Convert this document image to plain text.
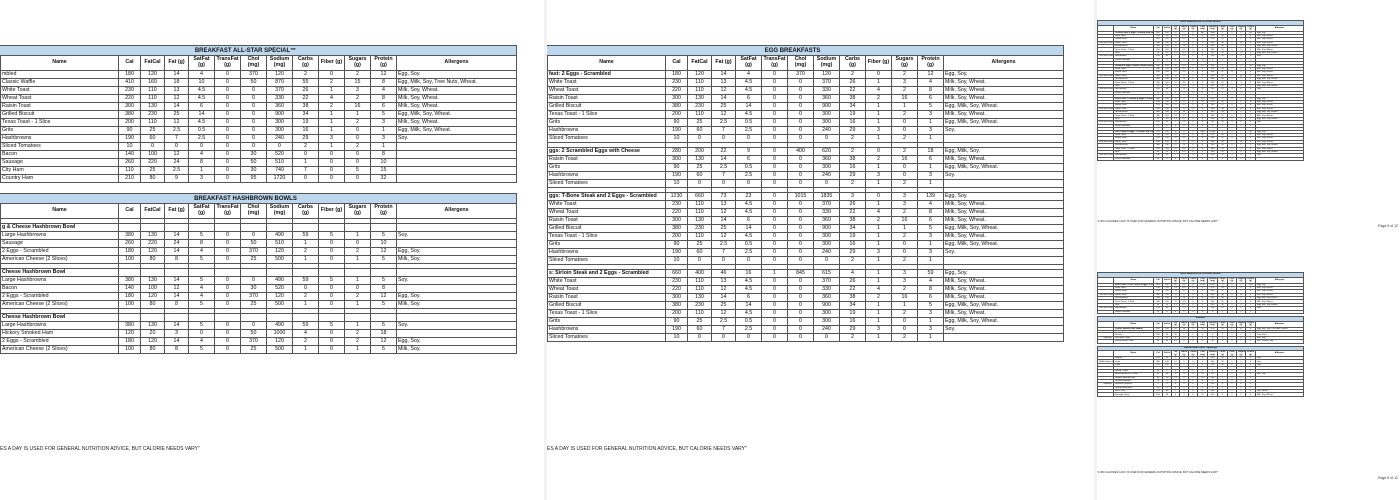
BREAKFAST ALL-STAR SPECIAL™													
	Name	Cal	FatCal	Fat (g)	SatFat (g)	TransFat (g)	Chol (mg)	Sodium (mg)	Carbs (g)	Fiber (g)	Sugars (g)	Protein (g)	Allergens
	mbled	180	120	14	4	0	370	120	2	0	2	12	Egg, Soy.
	Classic Waffle	410	160	18	10	0	50	870	55	2	15	8	Egg, Milk, Soy, Tree Nuts, Wheat.
	White Toast	230	110	13	4.5	0	0	370	26	1	3	4	Milk, Soy, Wheat.
	Wheat Toast	220	110	12	4.5	0	0	330	22	4	2	8	Milk, Soy, Wheat.
	Raisin Toast	300	130	14	6	0	0	360	38	2	16	6	Milk, Soy, Wheat.
	Grilled Biscuit	380	230	25	14	0	0	900	34	1	1	5	Egg, Milk, Soy, Wheat.
	Texas Toast - 1 Slice	200	110	12	4.5	0	0	300	19	1	2	3	Milk, Soy, Wheat.
	Grits	90	25	2.5	0.5	0	0	300	16	1	0	1	Egg, Milk, Soy, Wheat.
	Hashbrowns	190	60	7	2.5	0	0	240	29	3	0	3	Soy.
	Sliced Tomatoes	10	0	0	0	0	0	0	2	1	2	1	
	Bacon	140	100	12	4	0	30	520	0	0	0	8	
	Sausage	260	220	24	8	0	50	510	1	0	0	10	
	City Ham	110	25	2.5	1	0	30	740	7	0	5	15	
	Country Ham	210	80	9	3	0	95	1720	0	0	0	32	
BREAKFAST HASHBROWN BOWLS													
	Name	Cal	FatCal	Fat (g)	SatFat (g)	TransFat (g)	Chol (mg)	Sodium (mg)	Carbs (g)	Fiber (g)	Sugars (g)	Protein (g)	Allergens

	g & Cheese Hashbrown Bowl												
	Large Hashbrowns	380	130	14	5	0	0	490	59	5	1	5	Soy.
	Sausage	260	220	24	8	0	50	510	1	0	0	10	
	2 Eggs - Scrambled	180	120	14	4	0	370	120	2	0	2	12	Egg, Soy.
	American Cheese (2 Slices)	100	80	8	5	0	25	500	1	0	1	5	Milk, Soy.

	Cheese Hashbrown Bowl												
	Large Hashbrowns	380	130	14	5	0	0	490	59	5	1	5	Soy.
	Bacon	140	100	12	4	0	30	520	0	0	0	8	
	2 Eggs - Scrambled	180	120	14	4	0	370	120	2	0	2	12	Egg, Soy.
	American Cheese (2 Slices)	100	80	8	5	0	25	500	1	0	1	5	Milk, Soy.

	Cheese Hashbrown Bowl												
	Large Hashbrowns	380	130	14	5	0	0	490	59	5	1	5	Soy.
	Hickory Smoked Ham	120	20	3	0	0	50	1000	4	0	2	18	
	2 Eggs - Scrambled	180	120	14	4	0	370	120	2	0	2	12	Egg, Soy.
	American Cheese (2 Slices)	100	80	8	5	0	25	500	1	0	1	5	Milk, Soy.
ES A DAY IS USED FOR GENERAL NUTRITION ADVICE, BUT CALORIE NEEDS VARY"
EGG BREAKFASTS													
	Name	Cal	FatCal	Fat (g)	SatFat (g)	TransFat (g)	Chol (mg)	Sodium (mg)	Carbs (g)	Fiber (g)	Sugars (g)	Protein (g)	Allergens
	fast: 2 Eggs - Scrambled	180	120	14	4	0	370	120	2	0	2	12	Egg, Soy.
	White Toast	230	110	13	4.5	0	0	370	26	1	3	4	Milk, Soy, Wheat.
	Wheat Toast	220	110	12	4.5	0	0	330	22	4	2	8	Milk, Soy, Wheat.
	Raisin Toast	300	130	14	6	0	0	360	38	2	16	6	Milk, Soy, Wheat.
	Grilled Biscuit	380	230	25	14	0	0	900	34	1	1	5	Egg, Milk, Soy, Wheat.
	Texas Toast - 1 Slice	200	110	12	4.5	0	0	300	19	1	2	3	Milk, Soy, Wheat.
	Grits	90	25	2.5	0.5	0	0	300	16	1	0	1	Egg, Milk, Soy, Wheat.
	Hashbrowns	190	60	7	2.5	0	0	240	29	3	0	3	Soy.
	Sliced Tomatoes	10	0	0	0	0	0	0	2	1	2	1	

	ggs: 2 Scrambled Eggs with Cheese	280	200	22	9	0	400	620	2	0	2	18	Egg, Milk, Soy.
	Raisin Toast	300	130	14	6	0	0	360	38	2	16	6	Milk, Soy, Wheat.
	Grits	90	25	2.5	0.5	0	0	300	16	1	0	1	Egg, Milk, Soy, Wheat.
	Hashbrowns	190	60	7	2.5	0	0	240	29	3	0	3	Soy.
	Sliced Tomatoes	10	0	0	0	0	0	0	2	1	2	1	

	ggs: T-Bone Steak and 2 Eggs - Scrambled	1230	660	73	23	0	1015	1835	3	0	3	139	Egg, Soy.
	White Toast	230	110	13	4.5	0	0	370	26	1	3	4	Milk, Soy, Wheat.
	Wheat Toast	220	110	12	4.5	0	0	330	22	4	2	8	Milk, Soy, Wheat.
	Raisin Toast	300	130	14	6	0	0	360	38	2	16	6	Milk, Soy, Wheat.
	Grilled Biscuit	380	230	25	14	0	0	900	34	1	1	5	Egg, Milk, Soy, Wheat.
	Texas Toast - 1 Slice	200	110	12	4.5	0	0	300	19	1	2	3	Milk, Soy, Wheat.
	Grits	90	25	2.5	0.5	0	0	300	16	1	0	1	Egg, Milk, Soy, Wheat.
	Hashbrowns	190	60	7	2.5	0	0	240	29	3	0	3	Soy.
	Sliced Tomatoes	10	0	0	0	0	0	0	2	1	2	1	

	s: Sirloin Steak and 2 Eggs - Scrambled	660	400	46	16	1	845	615	4	1	3	59	Egg, Soy.
	White Toast	230	110	13	4.5	0	0	370	26	1	3	4	Milk, Soy, Wheat.
	Wheat Toast	220	110	12	4.5	0	0	330	22	4	2	8	Milk, Soy, Wheat.
	Raisin Toast	300	130	14	6	0	0	360	38	2	16	6	Milk, Soy, Wheat.
	Grilled Biscuit	380	230	25	14	0	0	900	34	1	1	5	Egg, Milk, Soy, Wheat.
	Texas Toast - 1 Slice	200	110	12	4.5	0	0	300	19	1	2	3	Milk, Soy, Wheat.
	Grits	90	25	2.5	0.5	0	0	300	16	1	0	1	Egg, Milk, Soy, Wheat.
	Hashbrowns	190	60	7	2.5	0	0	240	29	3	0	3	Soy.
	Sliced Tomatoes	10	0	0	0	0	0	0	2	1	2	1	
ES A DAY IS USED FOR GENERAL NUTRITION ADVICE, BUT CALORIE NEEDS VARY"
EGG BREAKFASTS CONTINUED													
	Name	Cal	FatCal	Fat (g)	SatFat (g)	TransF (g)	Chol (mg)	Sodium (mg)	Carbs (g)	Fiber (g)	Sugars (g)	Protein (g)	Allergens
	Country Ham & Eggs: Country Ham an	390	200	22	7	0	465	1840	2	0	2	44	Egg, Soy.
	White Toast	230	110	13	4.5	0	0	370	26	1	3	4	Milk, Soy, Wheat.
	Wheat Toast	220	110	12	4.5	0	0	330	22	4	2	8	Milk, Soy, Wheat.
Plus your choic	Raisin Toast	300	130	14	6	0	0	360	38	2	16	6	Milk, Soy, Wheat.
	Grilled Biscuit	380	230	25	14	0	0	900	34	1	1	5	Egg, Milk, Soy, Wheat.
	Texas Toast - 1 Slice	200	110	12	4.5	0	0	300	19	1	2	3	Milk, Soy, Wheat.
	Grits	90	25	2.5	0.5	0	0	300	16	1	0	1	Egg, Milk, Soy, Wheat.
Plus your choic	Hashbrowns	190	60	7	2.5	0	0	240	29	3	0	3	Soy.
	Sliced Tomatoes	10	0	0	0	0	0	0	2	1	2	1	

	Chicken & Eggs: Grilled Chicken and 2	330	140	16	4.5	0	475	560	2	0	2	45	Egg, Soy.
	White Toast	230	110	13	4.5	0	0	370	26	1	3	4	Milk, Soy, Wheat.
	Wheat Toast	220	110	12	4.5	0	0	330	22	4	2	8	Milk, Soy, Wheat.
Plus your choic	Raisin Toast	300	130	14	6	0	0	360	38	2	16	6	Milk, Soy, Wheat.
	Grilled Biscuit	380	230	25	14	0	0	900	34	1	1	5	Egg, Milk, Soy, Wheat.
	Texas Toast - 1 Slice	200	110	12	4.5	0	0	300	19	1	2	3	Milk, Soy, Wheat.
	Grits	90	25	2.5	0.5	0	0	300	16	1	0	1	Egg, Milk, Soy, Wheat.
Plus your choic	Hashbrowns	190	60	7	2.5	0	0	240	29	3	0	3	Soy.
	Sliced Tomatoes	10	0	0	0	0	0	0	2	1	2	1	

	Meat Lover's Chicken & Eggs: 2 Pieces	480	160	18	5	0	575	1010	2	0	2	78	Egg, Soy.
	White Toast	230	110	13	4.5	0	0	370	26	1	3	4	Milk, Soy, Wheat.
	Wheat Toast	220	110	12	4.5	0	0	330	22	4	2	8	Milk, Soy, Wheat.
Plus your choic	Raisin Toast	300	130	14	6	0	0	360	38	2	16	6	Milk, Soy, Wheat.
	Grilled Biscuit	380	230	25	14	0	0	900	34	1	1	5	Egg, Milk, Soy, Wheat.
	Texas Toast - 1 Slice	200	110	12	4.5	0	0	300	19	1	2	3	Milk, Soy, Wheat.
	Grits	90	25	2.5	0.5	0	0	300	16	1	0	1	Egg, Milk, Soy, Wheat.
Plus your choic	Hashbrowns	190	60	7	2.5	0	0	240	29	3	0	3	Soy.
	Sliced Tomatoes	10	0	0	0	0	0	0	2	1	2	1	

	Pork Chops & Eggs: 1 Grilled Pork Ch	570	320	36	12	0	560	1030	2	0	2	56	Egg, Soy.
	White Toast	230	110	13	4.5	0	0	370	26	1	3	4	Milk, Soy, Wheat.
	Wheat Toast	220	110	12	4.5	0	0	330	22	4	2	8	Milk, Soy, Wheat.
Plus your choic	Raisin Toast	300	130	14	6	0	0	360	38	2	16	6	Milk, Soy, Wheat.
	Grilled Biscuit	380	230	25	14	0	0	900	34	1	1	5	Egg, Milk, Soy, Wheat.
	Texas Toast - 1 Slice	200	110	12	4.5	0	0	300	19	1	2	3	Milk, Soy, Wheat.
	Grits	90	25	2.5	0.5	0	0	300	16	1	0	1	Egg, Milk, Soy, Wheat.
Plus your choic	Hashbrowns	190	60	7	2.5	0	0	240	29	3	0	3	Soy.
	Sliced Tomatoes	10	0	0	0	0	0	0	2	1	2	1	
"2,000 CALORIES A DAY IS USED FOR GENERAL NUTRITION ADVICE, BUT CALORIE NEEDS VARY"
Page 5 of 12
EGG BREAKFASTS CONTINUED													
	Name	Cal	FatCal	Fat (g)	SatFat (g)	TransF (g)	Chol (mg)	Sodium (mg)	Carbs (g)	Fiber (g)	Sugars (g)	Protein (g)	Allergens
	Meat Lover's Pork Chops & Eggs: 2 Gri	1050	560	62	21	0	1015	1845	2	0	2	108	Egg, Soy.
	White Toast	230	110	13	4.5	0	0	370	26	1	3	4	Milk, Soy, Wheat.
	Wheat Toast	220	110	12	4.5	0	0	330	22	4	2	8	Milk, Soy, Wheat.
Plus your choic	Raisin Toast	300	130	14	6	0	0	360	38	2	16	6	Milk, Soy, Wheat.
	Grilled Biscuit	380	230	25	14	0	0	900	34	1	1	5	Egg, Milk, Soy, Wheat.
	Texas Toast - 1 Slice	200	110	12	4.5	0	0	300	19	1	2	3	Milk, Soy, Wheat.
	Grits	90	25	2.5	0.5	0	0	300	16	1	0	1	Egg, Milk, Soy, Wheat.
Plus your choic	Hashbrowns	190	60	7	2.5	0	0	240	29	3	0	3	Soy.
	Sliced Tomatoes	10	0	0	0	0	0	0	2	1	2	1	
Waffles													
	Name	Cal	FatCal	Fat (g)	SatFat (g)	TransF (g)	Chol (mg)	Sodium (mg)	Carbs (g)	Fiber (g)	Sugars (g)	Protein (g)	Allergens
	Classic Waffle (Plain Waffle)	410	160	18	10	0	50	870	55	2	15	8	Egg, Milk, Soy, Tree Nuts, Wheat.

	Pecans	100	90	10	1	0	0	0	2	1	1	1	Tree Nuts.
Toppings:	Chocolate Chips	70	40	4	2.5	0	0	0	9	1	8	1	Milk, Soy.
	Peanut Butter Chips	80	40	4.5	4	0	0	30	8	0	7	2	Milk, Peanut, Soy.
Hashbrowns and Toppings													
	Name	Cal	FatCal	Fat (g)	SatFat (g)	TransF (g)	Chol (mg)	Sodium (mg)	Carbs (g)	Fiber (g)	Sugars (g)	Protein (g)	Allergens
	Regular	190	60	7	2.5	0	0	240	29	3	0	3	Soy.
Waffle House	Large	380	130	14	5	0	0	490	59	5	1	5	Soy.
	Triple	570	190	21	7	0	0	730	88	8	1	8	Soy.

	Grilled Onions	15	0	0	0	0	0	0	3	1	1	0	
	Melted American Cheese	50	40	4	2.5	0	15	250	1	0	0	2	Milk, Soy.
	Hickory Smoked Ham	60	10	1.5	0	0	25	500	2	0	1	9	
	Grilled Tomatoes	10	0	0	0	0	0	0	2	1	2	1	
Toppings:	Jalapeño Peppers	5	0	0	0	0	0	200	1	1	0	0	
	Grilled Mushrooms	15	0	0	0	0	0	0	2	1	1	2	
	Bert's Chili	120	60	7	2.5	0	20	480	7	2	1	8	Soy, Wheat.
	Sausage Gravy	130	80	9	3	0	15	620	9	0	1	3	Milk, Soy, Wheat.
"2,000 CALORIES A DAY IS USED FOR GENERAL NUTRITION ADVICE, BUT CALORIE NEEDS VARY"
Page 6 of 12
